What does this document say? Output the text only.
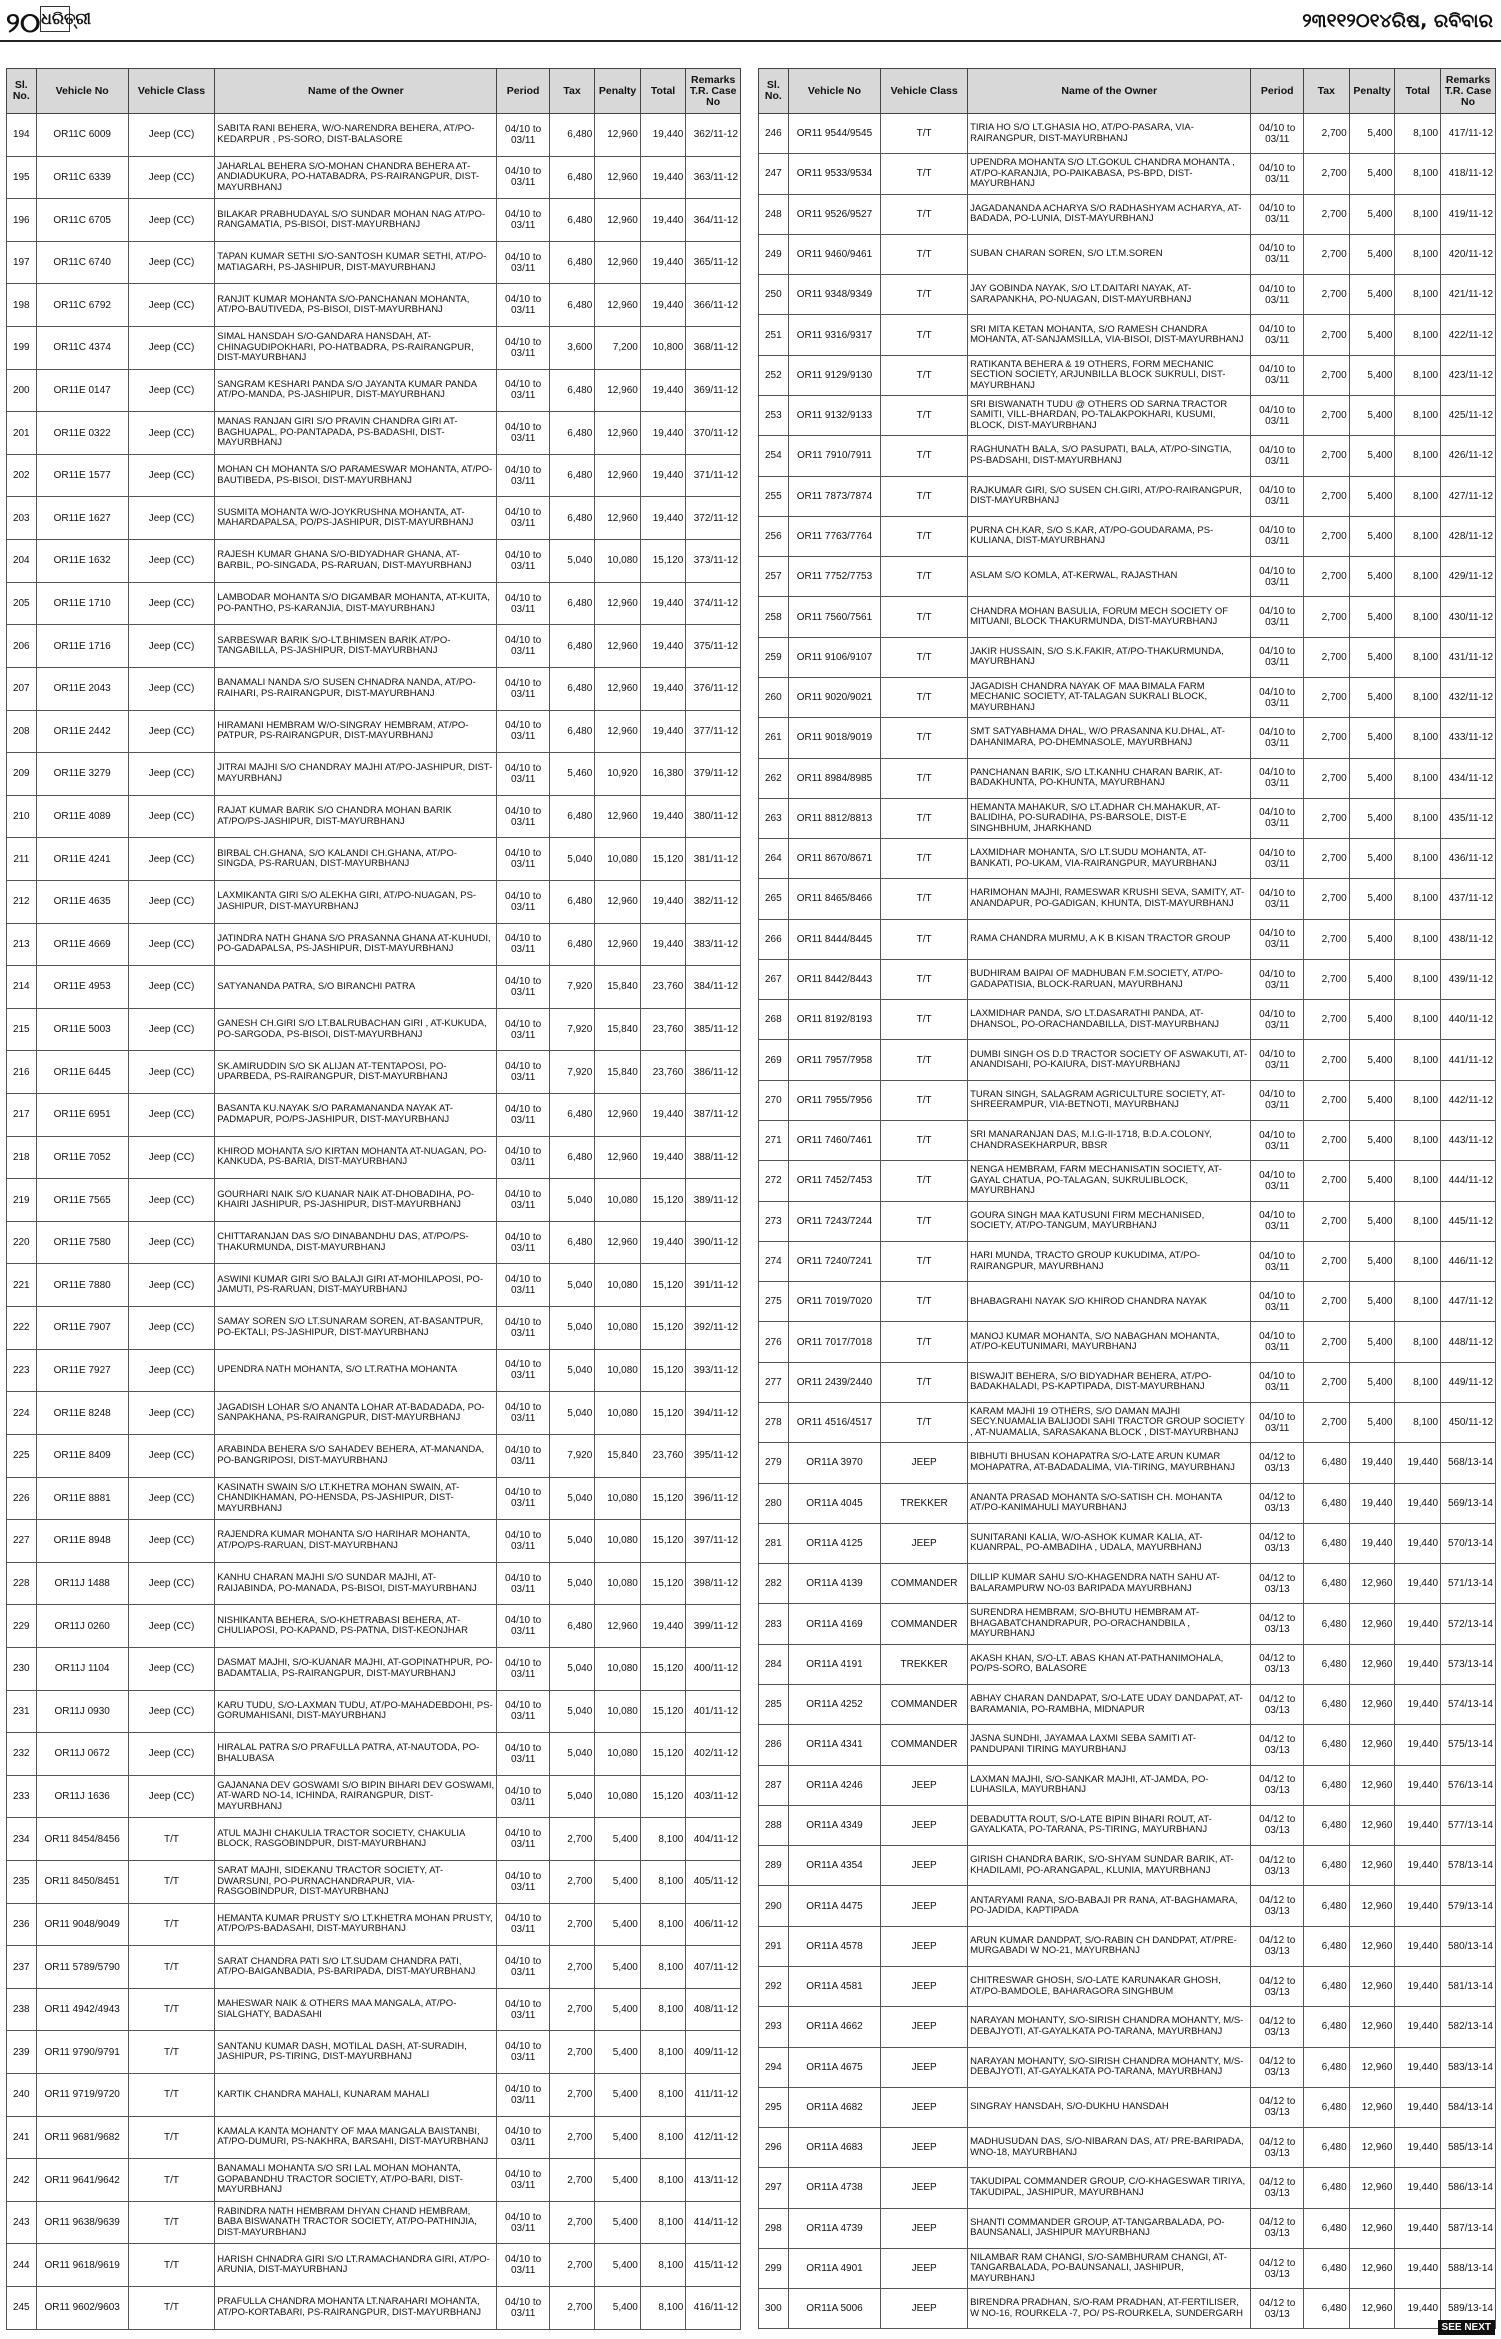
୨୦ ଧରିତ୍ରୀ	୨୩୧୧୨୦୧୪ରିଷ, ରବିବାର
Sl. No.	Vehicle No	Vehicle Class	Name of the Owner	Period	Tax	Penalty	Total	Remarks T.R. Case No
194	OR11C 6009	Jeep (CC)	SABITA RANI BEHERA, W/O-NARENDRA BEHERA, AT/PO-KEDARPUR , PS-SORO, DIST-BALASORE	04/10 to 03/11	6,480	12,960	19,440	362/11-12
195	OR11C 6339	Jeep (CC)	JAHARLAL BEHERA S/O-MOHAN CHANDRA BEHERA AT-ANDIADUKURA, PO-HATABADRA, PS-RAIRANGPUR, DIST-MAYURBHANJ	04/10 to 03/11	6,480	12,960	19,440	363/11-12
196	OR11C 6705	Jeep (CC)	BILAKAR PRABHUDAYAL S/O SUNDAR MOHAN NAG AT/PO-RANGAMATIA, PS-BISOI, DIST-MAYURBHANJ	04/10 to 03/11	6,480	12,960	19,440	364/11-12
197	OR11C 6740	Jeep (CC)	TAPAN KUMAR SETHI S/O-SANTOSH KUMAR SETHI, AT/PO-MATIAGARH, PS-JASHIPUR, DIST-MAYURBHANJ	04/10 to 03/11	6,480	12,960	19,440	365/11-12
198	OR11C 6792	Jeep (CC)	RANJIT KUMAR MOHANTA S/O-PANCHANAN MOHANTA, AT/PO-BAUTIVEDA, PS-BISOI, DIST-MAYURBHANJ	04/10 to 03/11	6,480	12,960	19,440	366/11-12
199	OR11C 4374	Jeep (CC)	SIMAL HANSDAH S/O-GANDARA HANSDAH, AT-CHINAGUDIPOKHARI, PO-HATBADRA, PS-RAIRANGPUR, DIST-MAYURBHANJ	04/10 to 03/11	3,600	7,200	10,800	368/11-12
200	OR11E 0147	Jeep (CC)	SANGRAM KESHARI PANDA S/O JAYANTA KUMAR PANDA AT/PO-MANDA, PS-JASHIPUR, DIST-MAYURBHANJ	04/10 to 03/11	6,480	12,960	19,440	369/11-12
201	OR11E 0322	Jeep (CC)	MANAS RANJAN GIRI S/O PRAVIN CHANDRA GIRI AT-BAGHUAPAL, PO-PANTAPADA, PS-BADASHI, DIST-MAYURBHANJ	04/10 to 03/11	6,480	12,960	19,440	370/11-12
202	OR11E 1577	Jeep (CC)	MOHAN CH MOHANTA S/O PARAMESWAR MOHANTA, AT/PO-BAUTIBEDA, PS-BISOI, DIST-MAYURBHANJ	04/10 to 03/11	6,480	12,960	19,440	371/11-12
203	OR11E 1627	Jeep (CC)	SUSMITA MOHANTA W/O-JOYKRUSHNA MOHANTA, AT-MAHARDAPALSA, PO/PS-JASHIPUR, DIST-MAYURBHANJ	04/10 to 03/11	6,480	12,960	19,440	372/11-12
204	OR11E 1632	Jeep (CC)	RAJESH KUMAR GHANA S/O-BIDYADHAR GHANA, AT-BARBIL, PO-SINGADA, PS-RARUAN, DIST-MAYURBHANJ	04/10 to 03/11	5,040	10,080	15,120	373/11-12
205	OR11E 1710	Jeep (CC)	LAMBODAR MOHANTA S/O DIGAMBAR MOHANTA, AT-KUITA, PO-PANTHO, PS-KARANJIA, DIST-MAYURBHANJ	04/10 to 03/11	6,480	12,960	19,440	374/11-12
206	OR11E 1716	Jeep (CC)	SARBESWAR BARIK S/O-LT.BHIMSEN BARIK AT/PO-TANGABILLA, PS-JASHIPUR, DIST-MAYURBHANJ	04/10 to 03/11	6,480	12,960	19,440	375/11-12
207	OR11E 2043	Jeep (CC)	BANAMALI NANDA S/O SUSEN CHNADRA NANDA, AT/PO-RAIHARI, PS-RAIRANGPUR, DIST-MAYURBHANJ	04/10 to 03/11	6,480	12,960	19,440	376/11-12
208	OR11E 2442	Jeep (CC)	HIRAMANI HEMBRAM W/O-SINGRAY HEMBRAM, AT/PO-PATPUR, PS-RAIRANGPUR, DIST-MAYURBHANJ	04/10 to 03/11	6,480	12,960	19,440	377/11-12
209	OR11E 3279	Jeep (CC)	JITRAI MAJHI S/O CHANDRAY MAJHI AT/PO-JASHIPUR, DIST-MAYURBHANJ	04/10 to 03/11	5,460	10,920	16,380	379/11-12
210	OR11E 4089	Jeep (CC)	RAJAT KUMAR BARIK S/O CHANDRA MOHAN BARIK AT/PO/PS-JASHIPUR, DIST-MAYURBHANJ	04/10 to 03/11	6,480	12,960	19,440	380/11-12
211	OR11E 4241	Jeep (CC)	BIRBAL CH.GHANA, S/O KALANDI CH.GHANA, AT/PO-SINGDA, PS-RARUAN, DIST-MAYURBHANJ	04/10 to 03/11	5,040	10,080	15,120	381/11-12
212	OR11E 4635	Jeep (CC)	LAXMIKANTA GIRI S/O ALEKHA GIRI, AT/PO-NUAGAN, PS-JASHIPUR, DIST-MAYURBHANJ	04/10 to 03/11	6,480	12,960	19,440	382/11-12
213	OR11E 4669	Jeep (CC)	JATINDRA NATH GHANA S/O PRASANNA GHANA AT-KUHUDI, PO-GADAPALSA, PS-JASHIPUR, DIST-MAYURBHANJ	04/10 to 03/11	6,480	12,960	19,440	383/11-12
214	OR11E 4953	Jeep (CC)	SATYANANDA PATRA, S/O BIRANCHI PATRA	04/10 to 03/11	7,920	15,840	23,760	384/11-12
215	OR11E 5003	Jeep (CC)	GANESH CH.GIRI S/O LT.BALRUBACHAN GIRI , AT-KUKUDA, PO-SARGODA, PS-BISOI, DIST-MAYURBHANJ	04/10 to 03/11	7,920	15,840	23,760	385/11-12
216	OR11E 6445	Jeep (CC)	SK.AMIRUDDIN S/O SK ALIJAN AT-TENTAPOSI, PO-UPARBEDA, PS-RAIRANGPUR, DIST-MAYURBHANJ	04/10 to 03/11	7,920	15,840	23,760	386/11-12
217	OR11E 6951	Jeep (CC)	BASANTA KU.NAYAK S/O PARAMANANDA NAYAK AT-PADMAPUR, PO/PS-JASHIPUR, DIST-MAYURBHANJ	04/10 to 03/11	6,480	12,960	19,440	387/11-12
218	OR11E 7052	Jeep (CC)	KHIROD MOHANTA S/O KIRTAN MOHANTA AT-NUAGAN, PO-KANKUDA, PS-BARIA, DIST-MAYURBHANJ	04/10 to 03/11	6,480	12,960	19,440	388/11-12
219	OR11E 7565	Jeep (CC)	GOURHARI NAIK S/O KUANAR NAIK AT-DHOBADIHA, PO-KHAIRI JASHIPUR, PS-JASHIPUR, DIST-MAYURBHANJ	04/10 to 03/11	5,040	10,080	15,120	389/11-12
220	OR11E 7580	Jeep (CC)	CHITTARANJAN DAS S/O DINABANDHU DAS, AT/PO/PS-THAKURMUNDA, DIST-MAYURBHANJ	04/10 to 03/11	6,480	12,960	19,440	390/11-12
221	OR11E 7880	Jeep (CC)	ASWINI KUMAR GIRI S/O BALAJI GIRI AT-MOHILAPOSI, PO-JAMUTI, PS-RARUAN, DIST-MAYURBHANJ	04/10 to 03/11	5,040	10,080	15,120	391/11-12
222	OR11E 7907	Jeep (CC)	SAMAY SOREN S/O LT.SUNARAM SOREN, AT-BASANTPUR, PO-EKTALI, PS-JASHIPUR, DIST-MAYURBHANJ	04/10 to 03/11	5,040	10,080	15,120	392/11-12
223	OR11E 7927	Jeep (CC)	UPENDRA NATH MOHANTA, S/O LT.RATHA MOHANTA	04/10 to 03/11	5,040	10,080	15,120	393/11-12
224	OR11E 8248	Jeep (CC)	JAGADISH LOHAR S/O ANANTA LOHAR AT-BADADADA, PO-SANPAKHANA, PS-RAIRANGPUR, DIST-MAYURBHANJ	04/10 to 03/11	5,040	10,080	15,120	394/11-12
225	OR11E 8409	Jeep (CC)	ARABINDA BEHERA S/O SAHADEV BEHERA, AT-MANANDA, PO-BANGRIPOSI, DIST-MAYURBHANJ	04/10 to 03/11	7,920	15,840	23,760	395/11-12
226	OR11E 8881	Jeep (CC)	KASINATH SWAIN S/O LT.KHETRA MOHAN SWAIN, AT-CHANDIKHAMAN, PO-HENSDA, PS-JASHIPUR, DIST-MAYURBHANJ	04/10 to 03/11	5,040	10,080	15,120	396/11-12
227	OR11E 8948	Jeep (CC)	RAJENDRA KUMAR MOHANTA S/O HARIHAR MOHANTA, AT/PO/PS-RARUAN, DIST-MAYURBHANJ	04/10 to 03/11	5,040	10,080	15,120	397/11-12
228	OR11J 1488	Jeep (CC)	KANHU CHARAN MAJHI S/O SUNDAR MAJHI, AT-RAIJABINDA, PO-MANADA, PS-BISOI, DIST-MAYURBHANJ	04/10 to 03/11	5,040	10,080	15,120	398/11-12
229	OR11J 0260	Jeep (CC)	NISHIKANTA BEHERA, S/O-KHETRABASI BEHERA, AT-CHULIAPOSI, PO-KAPAND, PS-PATNA, DIST-KEONJHAR	04/10 to 03/11	6,480	12,960	19,440	399/11-12
230	OR11J 1104	Jeep (CC)	DASMAT MAJHI, S/O-KUANAR MAJHI, AT-GOPINATHPUR, PO-BADAMTALIA, PS-RAIRANGPUR, DIST-MAYURBHANJ	04/10 to 03/11	5,040	10,080	15,120	400/11-12
231	OR11J 0930	Jeep (CC)	KARU TUDU, S/O-LAXMAN TUDU, AT/PO-MAHADEBDOHI, PS-GORUMAHISANI, DIST-MAYURBHANJ	04/10 to 03/11	5,040	10,080	15,120	401/11-12
232	OR11J 0672	Jeep (CC)	HIRALAL PATRA S/O PRAFULLA PATRA, AT-NAUTODA, PO-BHALUBASA	04/10 to 03/11	5,040	10,080	15,120	402/11-12
233	OR11J 1636	Jeep (CC)	GAJANANA DEV GOSWAMI S/O BIPIN BIHARI DEV GOSWAMI, AT-WARD NO-14, ICHINDA, RAIRANGPUR, DIST-MAYURBHANJ	04/10 to 03/11	5,040	10,080	15,120	403/11-12
234	OR11 8454/8456	T/T	ATUL MAJHI CHAKULIA TRACTOR SOCIETY, CHAKULIA BLOCK, RASGOBINDPUR, DIST-MAYURBHANJ	04/10 to 03/11	2,700	5,400	8,100	404/11-12
235	OR11 8450/8451	T/T	SARAT MAJHI, SIDEKANU TRACTOR SOCIETY, AT-DWARSUNI, PO-PURNACHANDRAPUR, VIA-RASGOBINDPUR, DIST-MAYURBHANJ	04/10 to 03/11	2,700	5,400	8,100	405/11-12
236	OR11 9048/9049	T/T	HEMANTA KUMAR PRUSTY S/O LT.KHETRA MOHAN PRUSTY, AT/PO/PS-BADASAHI, DIST-MAYURBHANJ	04/10 to 03/11	2,700	5,400	8,100	406/11-12
237	OR11 5789/5790	T/T	SARAT CHANDRA PATI S/O LT.SUDAM CHANDRA PATI, AT/PO-BAIGANBADIA, PS-BARIPADA, DIST-MAYURBHANJ	04/10 to 03/11	2,700	5,400	8,100	407/11-12
238	OR11 4942/4943	T/T	MAHESWAR NAIK & OTHERS MAA MANGALA, AT/PO-SIALGHATY, BADASAHI	04/10 to 03/11	2,700	5,400	8,100	408/11-12
239	OR11 9790/9791	T/T	SANTANU KUMAR DASH, MOTILAL DASH, AT-SURADIH, JASHIPUR, PS-TIRING, DIST-MAYURBHANJ	04/10 to 03/11	2,700	5,400	8,100	409/11-12
240	OR11 9719/9720	T/T	KARTIK CHANDRA MAHALI, KUNARAM MAHALI	04/10 to 03/11	2,700	5,400	8,100	411/11-12
241	OR11 9681/9682	T/T	KAMALA KANTA MOHANTY OF MAA MANGALA BAISTANBI, AT/PO-DUMURI, PS-NAKHRA, BARSAHI, DIST-MAYURBHANJ	04/10 to 03/11	2,700	5,400	8,100	412/11-12
242	OR11 9641/9642	T/T	BANAMALI MOHANTA S/O SRI LAL MOHAN MOHANTA, GOPABANDHU TRACTOR SOCIETY, AT/PO-BARI, DIST-MAYURBHANJ	04/10 to 03/11	2,700	5,400	8,100	413/11-12
243	OR11 9638/9639	T/T	RABINDRA NATH HEMBRAM DHYAN CHAND HEMBRAM, BABA BISWANATH TRACTOR SOCIETY, AT/PO-PATHINJIA, DIST-MAYURBHANJ	04/10 to 03/11	2,700	5,400	8,100	414/11-12
244	OR11 9618/9619	T/T	HARISH CHNADRA GIRI S/O LT.RAMACHANDRA GIRI, AT/PO-ARUNIA, DIST-MAYURBHANJ	04/10 to 03/11	2,700	5,400	8,100	415/11-12
245	OR11 9602/9603	T/T	PRAFULLA CHANDRA MOHANTA LT.NARAHARI MOHANTA, AT/PO-KORTABARI, PS-RAIRANGPUR, DIST-MAYURBHANJ	04/10 to 03/11	2,700	5,400	8,100	416/11-12
Sl. No.	Vehicle No	Vehicle Class	Name of the Owner	Period	Tax	Penalty	Total	Remarks T.R. Case No
246	OR11 9544/9545	T/T	TIRIA HO S/O LT.GHASIA HO, AT/PO-PASARA, VIA-RAIRANGPUR, DIST-MAYURBHANJ	04/10 to 03/11	2,700	5,400	8,100	417/11-12
247	OR11 9533/9534	T/T	UPENDRA MOHANTA S/O LT.GOKUL CHANDRA MOHANTA , AT/PO-KARANJIA, PO-PAIKABASA, PS-BPD, DIST-MAYURBHANJ	04/10 to 03/11	2,700	5,400	8,100	418/11-12
248	OR11 9526/9527	T/T	JAGADANANDA ACHARYA S/O RADHASHYAM ACHARYA, AT-BADADA, PO-LUNIA, DIST-MAYURBHANJ	04/10 to 03/11	2,700	5,400	8,100	419/11-12
249	OR11 9460/9461	T/T	SUBAN CHARAN SOREN, S/O LT.M.SOREN	04/10 to 03/11	2,700	5,400	8,100	420/11-12
250	OR11 9348/9349	T/T	JAY GOBINDA NAYAK, S/O LT.DAITARI NAYAK, AT-SARAPANKHA, PO-NUAGAN, DIST-MAYURBHANJ	04/10 to 03/11	2,700	5,400	8,100	421/11-12
251	OR11 9316/9317	T/T	SRI MITA KETAN MOHANTA, S/O RAMESH CHANDRA MOHANTA, AT-SANJAMSILLA, VIA-BISOI, DIST-MAYURBHANJ	04/10 to 03/11	2,700	5,400	8,100	422/11-12
252	OR11 9129/9130	T/T	RATIKANTA BEHERA & 19 OTHERS, FORM MECHANIC SECTION SOCIETY, ARJUNBILLA BLOCK SUKRULI, DIST-MAYURBHANJ	04/10 to 03/11	2,700	5,400	8,100	423/11-12
253	OR11 9132/9133	T/T	SRI BISWANATH TUDU @ OTHERS OD SARNA TRACTOR SAMITI, VILL-BHARDAN, PO-TALAKPOKHARI, KUSUMI, BLOCK, DIST-MAYURBHANJ	04/10 to 03/11	2,700	5,400	8,100	425/11-12
254	OR11 7910/7911	T/T	RAGHUNATH BALA, S/O PASUPATI, BALA, AT/PO-SINGTIA, PS-BADSAHI, DIST-MAYURBHANJ	04/10 to 03/11	2,700	5,400	8,100	426/11-12
255	OR11 7873/7874	T/T	RAJKUMAR GIRI, S/O SUSEN CH.GIRI, AT/PO-RAIRANGPUR, DIST-MAYURBHANJ	04/10 to 03/11	2,700	5,400	8,100	427/11-12
256	OR11 7763/7764	T/T	PURNA CH.KAR, S/O S.KAR, AT/PO-GOUDARAMA, PS-KULIANA, DIST-MAYURBHANJ	04/10 to 03/11	2,700	5,400	8,100	428/11-12
257	OR11 7752/7753	T/T	ASLAM S/O KOMLA, AT-KERWAL, RAJASTHAN	04/10 to 03/11	2,700	5,400	8,100	429/11-12
258	OR11 7560/7561	T/T	CHANDRA MOHAN BASULIA, FORUM MECH SOCIETY OF MITUANI, BLOCK THAKURMUNDA, DIST-MAYURBHANJ	04/10 to 03/11	2,700	5,400	8,100	430/11-12
259	OR11 9106/9107	T/T	JAKIR HUSSAIN, S/O S.K.FAKIR, AT/PO-THAKURMUNDA, MAYURBHANJ	04/10 to 03/11	2,700	5,400	8,100	431/11-12
260	OR11 9020/9021	T/T	JAGADISH CHANDRA NAYAK OF MAA BIMALA FARM MECHANIC SOCIETY, AT-TALAGAN SUKRALI BLOCK, MAYURBHANJ	04/10 to 03/11	2,700	5,400	8,100	432/11-12
261	OR11 9018/9019	T/T	SMT SATYABHAMA DHAL, W/O PRASANNA KU.DHAL, AT-DAHANIMARA, PO-DHEMNASOLE, MAYURBHANJ	04/10 to 03/11	2,700	5,400	8,100	433/11-12
262	OR11 8984/8985	T/T	PANCHANAN BARIK, S/O LT.KANHU CHARAN BARIK, AT-BADAKHUNTA, PO-KHUNTA, MAYURBHANJ	04/10 to 03/11	2,700	5,400	8,100	434/11-12
263	OR11 8812/8813	T/T	HEMANTA MAHAKUR, S/O LT.ADHAR CH.MAHAKUR, AT-BALIDIHA, PO-SURADIHA, PS-BARSOLE, DIST-E SINGHBHUM, JHARKHAND	04/10 to 03/11	2,700	5,400	8,100	435/11-12
264	OR11 8670/8671	T/T	LAXMIDHAR MOHANTA, S/O LT.SUDU MOHANTA, AT-BANKATI, PO-UKAM, VIA-RAIRANGPUR, MAYURBHANJ	04/10 to 03/11	2,700	5,400	8,100	436/11-12
265	OR11 8465/8466	T/T	HARIMOHAN MAJHI, RAMESWAR KRUSHI SEVA, SAMITY, AT-ANANDAPUR, PO-GADIGAN, KHUNTA, DIST-MAYURBHANJ	04/10 to 03/11	2,700	5,400	8,100	437/11-12
266	OR11 8444/8445	T/T	RAMA CHANDRA MURMU, A K B KISAN TRACTOR GROUP	04/10 to 03/11	2,700	5,400	8,100	438/11-12
267	OR11 8442/8443	T/T	BUDHIRAM BAIPAI OF MADHUBAN F.M.SOCIETY, AT/PO-GADAPATISIA, BLOCK-RARUAN, MAYURBHANJ	04/10 to 03/11	2,700	5,400	8,100	439/11-12
268	OR11 8192/8193	T/T	LAXMIDHAR PANDA, S/O LT.DASARATHI PANDA, AT-DHANSOL, PO-ORACHANDABILLA, DIST-MAYURBHANJ	04/10 to 03/11	2,700	5,400	8,100	440/11-12
269	OR11 7957/7958	T/T	DUMBI SINGH OS D.D TRACTOR SOCIETY OF ASWAKUTI, AT-ANANDISAHI, PO-KAIURA, DIST-MAYURBHANJ	04/10 to 03/11	2,700	5,400	8,100	441/11-12
270	OR11 7955/7956	T/T	TURAN SINGH, SALAGRAM AGRICULTURE SOCIETY, AT-SHREERAMPUR, VIA-BETNOTI, MAYURBHANJ	04/10 to 03/11	2,700	5,400	8,100	442/11-12
271	OR11 7460/7461	T/T	SRI MANARANJAN DAS, M.I.G-II-1718, B.D.A.COLONY, CHANDRASEKHARPUR, BBSR	04/10 to 03/11	2,700	5,400	8,100	443/11-12
272	OR11 7452/7453	T/T	NENGA HEMBRAM, FARM MECHANISATIN SOCIETY, AT-GAYAL CHATUA, PO-TALAGAN, SUKRULIBLOCK, MAYURBHANJ	04/10 to 03/11	2,700	5,400	8,100	444/11-12
273	OR11 7243/7244	T/T	GOURA SINGH MAA KATUSUNI FIRM MECHANISED, SOCIETY, AT/PO-TANGUM, MAYURBHANJ	04/10 to 03/11	2,700	5,400	8,100	445/11-12
274	OR11 7240/7241	T/T	HARI MUNDA, TRACTO GROUP KUKUDIMA, AT/PO-RAIRANGPUR, MAYURBHANJ	04/10 to 03/11	2,700	5,400	8,100	446/11-12
275	OR11 7019/7020	T/T	BHABAGRAHI NAYAK S/O KHIROD CHANDRA NAYAK	04/10 to 03/11	2,700	5,400	8,100	447/11-12
276	OR11 7017/7018	T/T	MANOJ KUMAR MOHANTA, S/O NABAGHAN MOHANTA, AT/PO-KEUTUNIMARI, MAYURBHANJ	04/10 to 03/11	2,700	5,400	8,100	448/11-12
277	OR11 2439/2440	T/T	BISWAJIT BEHERA, S/O BIDYADHAR BEHERA, AT/PO-BADAKHALADI, PS-KAPTIPADA, DIST-MAYURBHANJ	04/10 to 03/11	2,700	5,400	8,100	449/11-12
278	OR11 4516/4517	T/T	KARAM MAJHI 19 OTHERS, S/O DAMAN MAJHI SECY.NUAMALIA BALIJODI SAHI TRACTOR GROUP SOCIETY , AT-NUAMALIA, SARASAKANA BLOCK , DIST-MAYURBHANJ	04/10 to 03/11	2,700	5,400	8,100	450/11-12
279	OR11A 3970	JEEP	BIBHUTI BHUSAN KOHAPATRA S/O-LATE ARUN KUMAR MOHAPATRA, AT-BADADALIMA, VIA-TIRING, MAYURBHANJ	04/12 to 03/13	6,480	19,440	19,440	568/13-14
280	OR11A 4045	TREKKER	ANANTA PRASAD MOHANTA S/O-SATISH CH. MOHANTA AT/PO-KANIMAHULI MAYURBHANJ	04/12 to 03/13	6,480	19,440	19,440	569/13-14
281	OR11A 4125	JEEP	SUNITARANI KALIA, W/O-ASHOK KUMAR KALIA, AT-KUANRPAL, PO-AMBADIHA , UDALA, MAYURBHANJ	04/12 to 03/13	6,480	19,440	19,440	570/13-14
282	OR11A 4139	COMMANDER	DILLIP KUMAR SAHU S/O-KHAGENDRA NATH SAHU AT-BALARAMPURW NO-03 BARIPADA MAYURBHANJ	04/12 to 03/13	6,480	12,960	19,440	571/13-14
283	OR11A 4169	COMMANDER	SURENDRA HEMBRAM, S/O-BHUTU HEMBRAM AT-BHAGABATCHANDRAPUR, PO-ORACHANDBILA , MAYURBHANJ	04/12 to 03/13	6,480	12,960	19,440	572/13-14
284	OR11A 4191	TREKKER	AKASH KHAN, S/O-LT. ABAS KHAN AT-PATHANIMOHALA, PO/PS-SORO, BALASORE	04/12 to 03/13	6,480	12,960	19,440	573/13-14
285	OR11A 4252	COMMANDER	ABHAY CHARAN DANDAPAT, S/O-LATE UDAY DANDAPAT, AT-BARAMANIA, PO-RAMBHA, MIDNAPUR	04/12 to 03/13	6,480	12,960	19,440	574/13-14
286	OR11A 4341	COMMANDER	JASNA SUNDHI, JAYAMAA LAXMI SEBA SAMITI AT-PANDUPANI TIRING MAYURBHANJ	04/12 to 03/13	6,480	12,960	19,440	575/13-14
287	OR11A 4246	JEEP	LAXMAN MAJHI, S/O-SANKAR MAJHI, AT-JAMDA, PO-LUHASILA, MAYURBHANJ	04/12 to 03/13	6,480	12,960	19,440	576/13-14
288	OR11A 4349	JEEP	DEBADUTTA ROUT, S/O-LATE BIPIN BIHARI ROUT, AT-GAYALKATA, PO-TARANA, PS-TIRING, MAYURBHANJ	04/12 to 03/13	6,480	12,960	19,440	577/13-14
289	OR11A 4354	JEEP	GIRISH CHANDRA BARIK, S/O-SHYAM SUNDAR BARIK, AT-KHADILAMI, PO-ARANGAPAL, KLUNIA, MAYURBHANJ	04/12 to 03/13	6,480	12,960	19,440	578/13-14
290	OR11A 4475	JEEP	ANTARYAMI RANA, S/O-BABAJI PR RANA, AT-BAGHAMARA, PO-JADIDA, KAPTIPADA	04/12 to 03/13	6,480	12,960	19,440	579/13-14
291	OR11A 4578	JEEP	ARUN KUMAR DANDPAT, S/O-RABIN CH DANDPAT, AT/PRE-MURGABADI W NO-21, MAYURBHANJ	04/12 to 03/13	6,480	12,960	19,440	580/13-14
292	OR11A 4581	JEEP	CHITRESWAR GHOSH, S/O-LATE KARUNAKAR GHOSH, AT/PO-BAMDOLE, BAHARAGORA SINGHBUM	04/12 to 03/13	6,480	12,960	19,440	581/13-14
293	OR11A 4662	JEEP	NARAYAN MOHANTY, S/O-SIRISH CHANDRA MOHANTY, M/S-DEBAJYOTI, AT-GAYALKATA PO-TARANA, MAYURBHANJ	04/12 to 03/13	6,480	12,960	19,440	582/13-14
294	OR11A 4675	JEEP	NARAYAN MOHANTY, S/O-SIRISH CHANDRA MOHANTY, M/S-DEBAJYOTI, AT-GAYALKATA PO-TARANA, MAYURBHANJ	04/12 to 03/13	6,480	12,960	19,440	583/13-14
295	OR11A 4682	JEEP	SINGRAY HANSDAH, S/O-DUKHU HANSDAH	04/12 to 03/13	6,480	12,960	19,440	584/13-14
296	OR11A 4683	JEEP	MADHUSUDAN DAS, S/O-NIBARAN DAS, AT/ PRE-BARIPADA, WNO-18, MAYURBHANJ	04/12 to 03/13	6,480	12,960	19,440	585/13-14
297	OR11A 4738	JEEP	TAKUDIPAL COMMANDER GROUP, C/O-KHAGESWAR TIRIYA, TAKUDIPAL, JASHIPUR, MAYURBHANJ	04/12 to 03/13	6,480	12,960	19,440	586/13-14
298	OR11A 4739	JEEP	SHANTI COMMANDER GROUP, AT-TANGARBALADA, PO-BAUNSANALI, JASHIPUR MAYURBHANJ	04/12 to 03/13	6,480	12,960	19,440	587/13-14
299	OR11A 4901	JEEP	NILAMBAR RAM CHANGI, S/O-SAMBHURAM CHANGI, AT-TANGARBALADA, PO-BAUNSANALI, JASHIPUR, MAYURBHANJ	04/12 to 03/13	6,480	12,960	19,440	588/13-14
300	OR11A 5006	JEEP	BIRENDRA PRADHAN, S/O-RAM PRADHAN, AT-FERTILISER, W NO-16, ROURKELA -7, PO/ PS-ROURKELA, SUNDERGARH	04/12 to 03/13	6,480	12,960	19,440	589/13-14
SEE NEXT
